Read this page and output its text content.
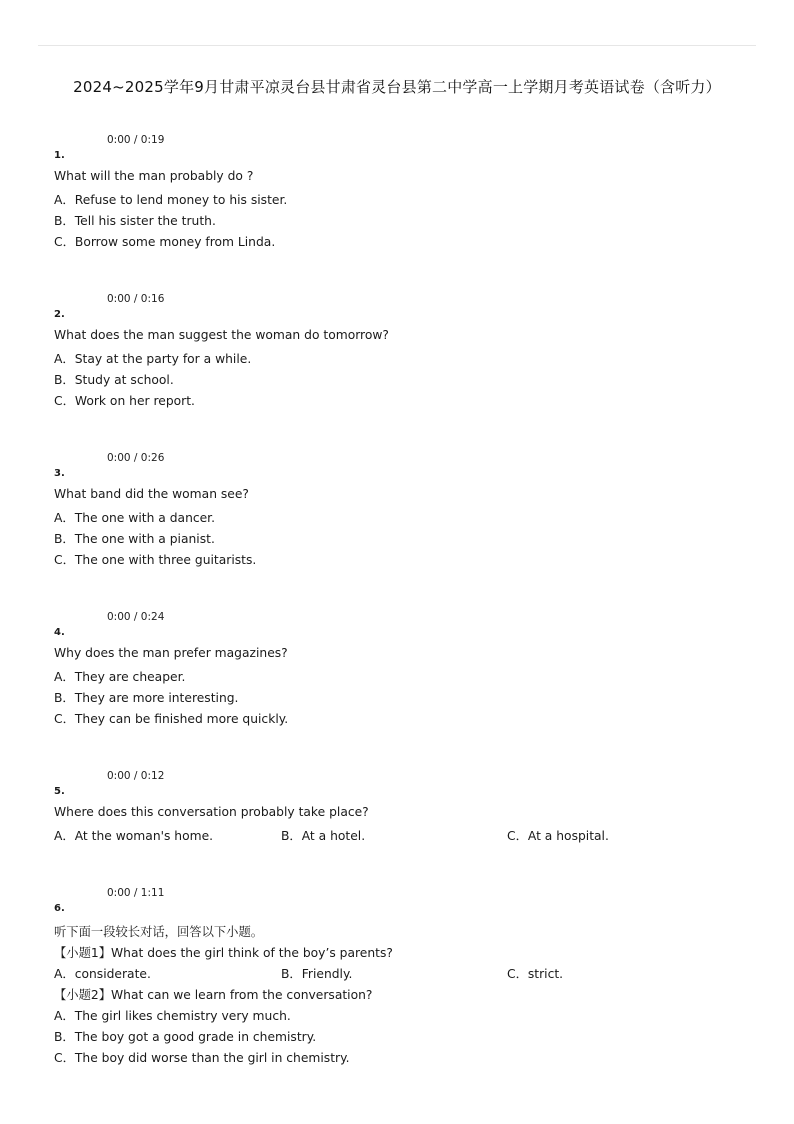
2024~2025学年9月甘肃平凉灵台县甘肃省灵台县第二中学高一上学期月考英语试卷（含听力）
0:00 / 0:19
1.
What will the man probably do ?
A．Refuse to lend money to his sister.
B．Tell his sister the truth.
C．Borrow some money from Linda.
0:00 / 0:16
2.
What does the man suggest the woman do tomorrow?
A．Stay at the party for a while.
B．Study at school.
C．Work on her report.
0:00 / 0:26
3.
What band did the woman see?
A．The one with a dancer.
B．The one with a pianist.
C．The one with three guitarists.
0:00 / 0:24
4.
Why does the man prefer magazines?
A．They are cheaper.
B．They are more interesting.
C．They can be finished more quickly.
0:00 / 0:12
5.
Where does this conversation probably take place?
A．At the woman's home.	B．At a hotel.	C．At a hospital.
0:00 / 1:11
6.
听下面一段较长对话，回答以下小题。
【小题1】What does the girl think of the boy’s parents?
A．considerate.	B．Friendly.	C．strict.
【小题2】What can we learn from the conversation?
A．The girl likes chemistry very much.
B．The boy got a good grade in chemistry.
C．The boy did worse than the girl in chemistry.
